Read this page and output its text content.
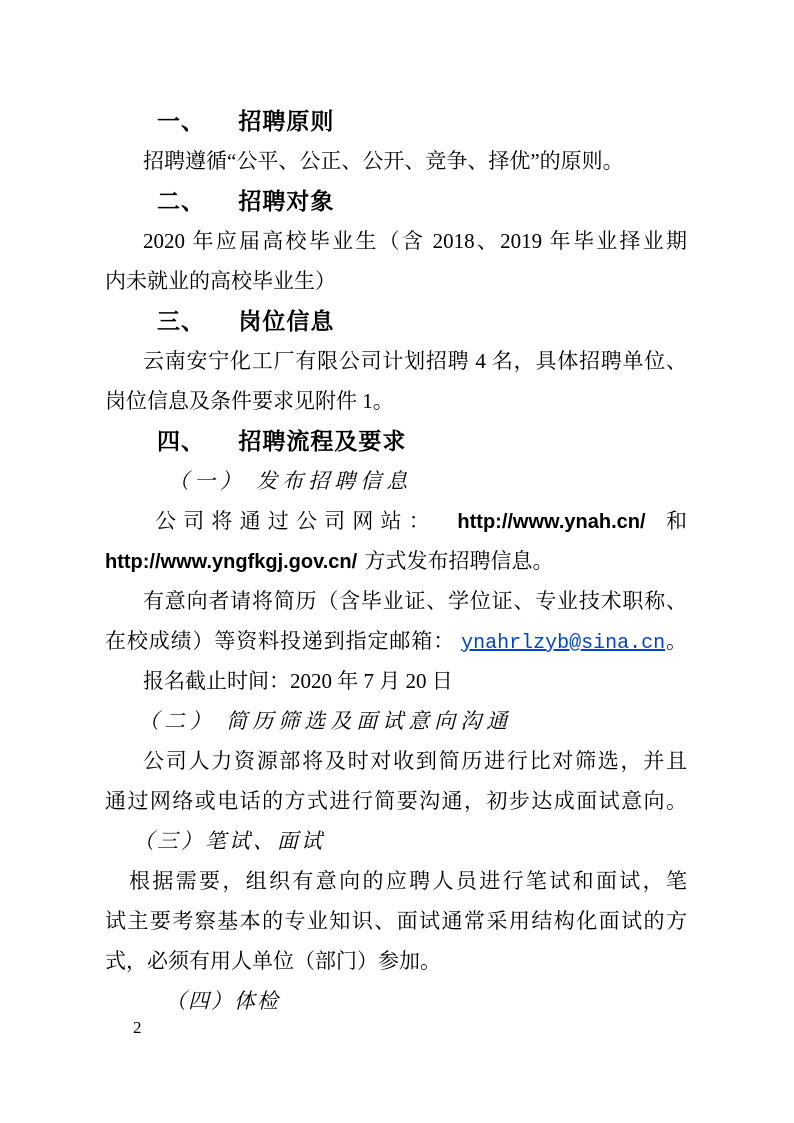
一、 招聘原则
招聘遵循“公平、公正、公开、竞争、择优”的原则。
二、 招聘对象
2020 年应届高校毕业生（含 2018、2019 年毕业择业期
内未就业的高校毕业生）
三、 岗位信息
云南安宁化工厂有限公司计划招聘 4 名，具体招聘单位、
岗位信息及条件要求见附件 1。
四、 招聘流程及要求
（一） 发布招聘信息
公司将通过公司网站： http://www.ynah.cn/ 和
http://www.yngfkgj.gov.cn/ 方式发布招聘信息。
有意向者请将简历（含毕业证、学位证、专业技术职称、
在校成绩）等资料投递到指定邮箱： ynahrlzyb@sina.cn。
报名截止时间：2020 年 7 月 20 日
（二） 简历筛选及面试意向沟通
公司人力资源部将及时对收到简历进行比对筛选，并且
通过网络或电话的方式进行简要沟通，初步达成面试意向。
（三）笔试、面试
根据需要，组织有意向的应聘人员进行笔试和面试，笔
试主要考察基本的专业知识、面试通常采用结构化面试的方
式，必须有用人单位（部门）参加。
（四）体检
2
